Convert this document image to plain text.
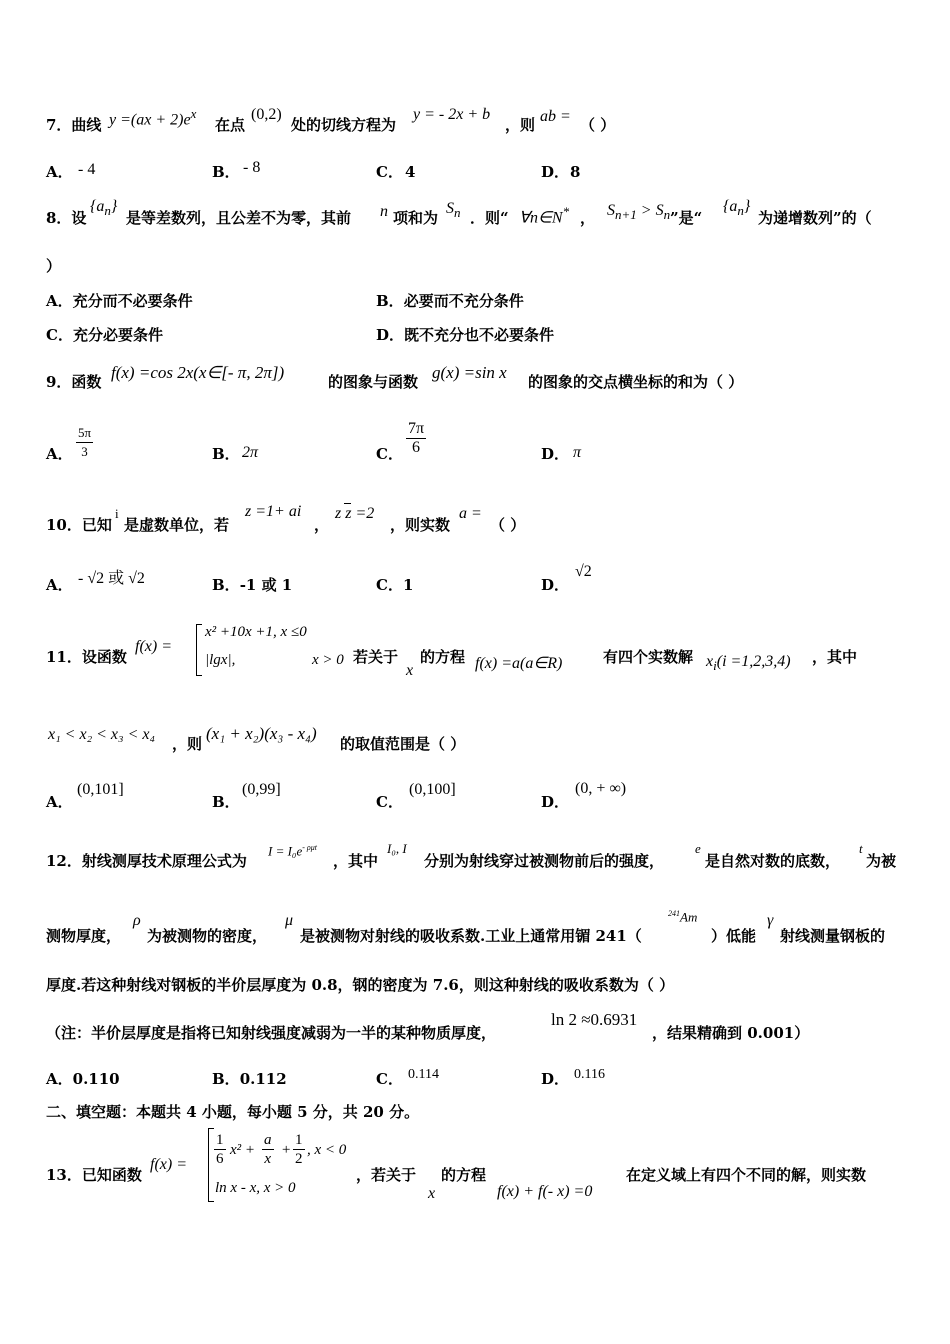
7．曲线 $y =(ax + 2)e^x$
在点
(0,2)
处的切线方程为
y = - 2x + b
，则 ab = （ ）
A． - 4	B． - 8	C． 4	D． 8
8．设
$\{a_n\}$
是等差数列，且公差不为零，其前 n 项和为
$S_n$ ．则“ ∀n∈N* ， $S_{n+1} > S_n$ ”是“
$\{a_n\}$
为递增数列”的（
）
A．充分而不必要条件	B．必要而不充分条件
C．充分必要条件	D．既不充分也不必要条件
9．函数 f(x) =cos 2x(x∈[- π, 2π])	的图象与函数 g(x) =sin x 的图象的交点横坐标的和为（ ）
A． $\frac{5\pi}{3}$	B． 2π	C． $\frac{7\pi}{6}$	D． π
10．已知
i
是虚数单位，若
z =1+ ai
，
z z =2
，则实数
a =
（ ）
A． - √2 或 √2	B．-1 或 1	C．1	D．
√2
11．设函数
f(x) =
x² +10x +1, x ≤0
|lgx|,	x > 0 若关于
x
的方程 f(x) =a(a∈R)	有四个实数解 $x_i(i =1,2,3,4)$ ，其中
x₁ < x₂ < x₃ < x₄
，则
(x₁ + x₂)(x₃ - x₄)
的取值范围是（ ）
A．
(0,101]
B．
(0,99]
C．
(0,100]
D．
(0, + ∞)
12．射线测厚技术原理公式为
$I = I_0e^{- \rho\mu t}$
，其中
I₀, I
分别为射线穿过被测物前后的强度，
e
是自然对数的底数，
t
为被
测物厚度，
ρ
为被测物的密度，
μ
是被测物对射线的吸收系数.工业上通常用镅 241（
$^{241}$Am
）低能
γ
射线测量钢板的
厚度.若这种射线对钢板的半价层厚度为 0.8，钢的密度为 7.6，则这种射线的吸收系数为（ ）
（注：半价层厚度是指将已知射线强度减弱为一半的某种物质厚度，
ln 2 ≈0.6931
，结果精确到 0.001）
A．0.110	B．0.112	C． 0.114	D． 0.116
二、填空题：本题共 4 小题，每小题 5 分，共 20 分。
13．已知函数
$f(x) = \frac{1}{6} x^2 + \frac{a}{x} + \frac{1}{2}$ , x < 0
ln x - x, x > 0
，若关于
x
的方程
f(x) + f(- x) =0
在定义域上有四个不同的解，则实数
